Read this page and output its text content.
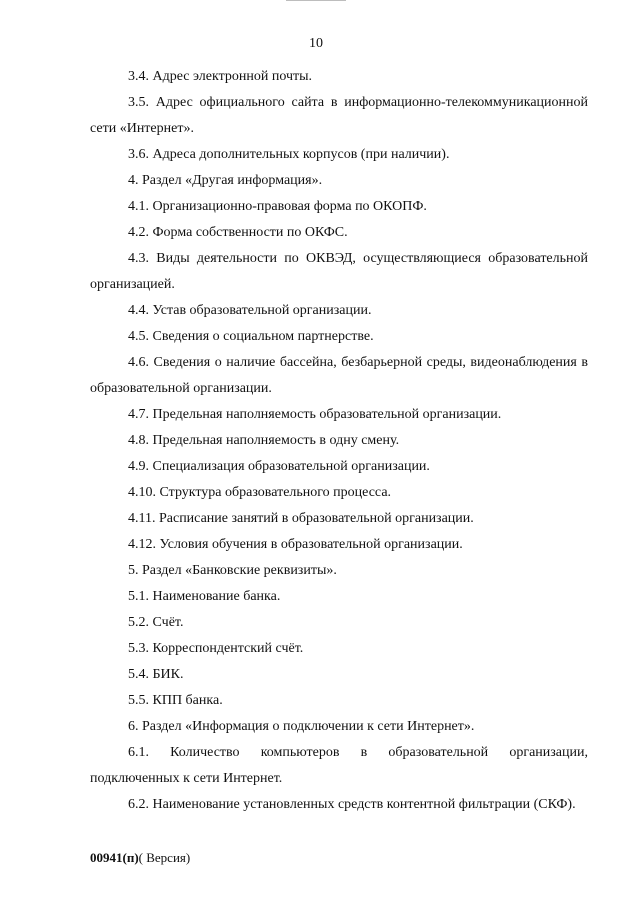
10

3.4. Адрес электронной почты.

3.5. Адрес официального сайта в информационно-телекоммуникационной сети «Интернет».

3.6. Адреса дополнительных корпусов (при наличии).

4. Раздел «Другая информация».

4.1. Организационно-правовая форма по ОКОПФ.

4.2. Форма собственности по ОКФС.

4.3. Виды деятельности по ОКВЭД, осуществляющиеся образовательной организацией.

4.4. Устав образовательной организации.

4.5. Сведения о социальном партнерстве.

4.6. Сведения о наличие бассейна, безбарьерной среды, видеонаблюдения в образовательной организации.

4.7. Предельная наполняемость образовательной организации.

4.8. Предельная наполняемость в одну смену.

4.9. Специализация образовательной организации.

4.10. Структура образовательного процесса.

4.11. Расписание занятий в образовательной организации.

4.12. Условия обучения в образовательной организации.

5. Раздел «Банковские реквизиты».

5.1. Наименование банка.

5.2. Счёт.

5.3. Корреспондентский счёт.

5.4. БИК.

5.5. КПП банка.

6. Раздел «Информация о подключении к сети Интернет».

6.1. Количество компьютеров в образовательной организации, подключенных к сети Интернет.

6.2. Наименование установленных средств контентной фильтрации (СКФ).

00941(п)( Версия)
